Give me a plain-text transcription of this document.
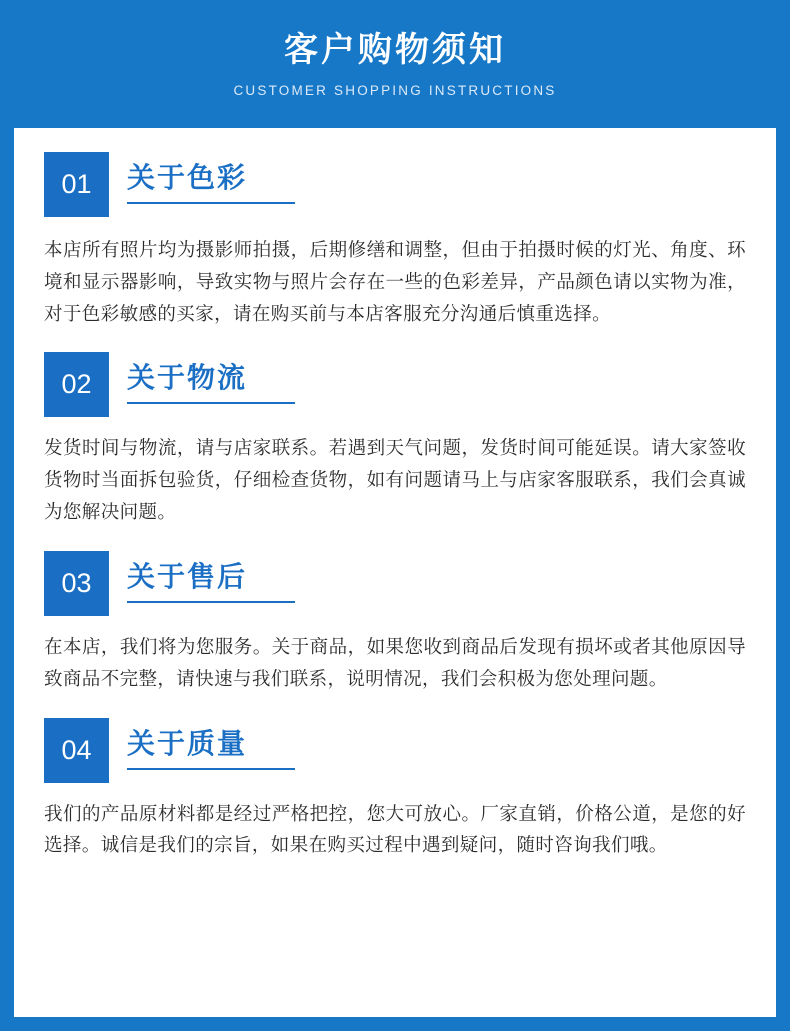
客户购物须知
CUSTOMER SHOPPING INSTRUCTIONS
01	关于色彩
本店所有照片均为摄影师拍摄，后期修缮和调整，但由于拍摄时候的灯光、角度、环境和显示器影响，导致实物与照片会存在一些的色彩差异，产品颜色请以实物为准，对于色彩敏感的买家，请在购买前与本店客服充分沟通后慎重选择。
02	关于物流
发货时间与物流，请与店家联系。若遇到天气问题，发货时间可能延误。请大家签收货物时当面拆包验货，仔细检查货物，如有问题请马上与店家客服联系，我们会真诚为您解决问题。
03	关于售后
在本店，我们将为您服务。关于商品，如果您收到商品后发现有损坏或者其他原因导致商品不完整，请快速与我们联系，说明情况，我们会积极为您处理问题。
04	关于质量
我们的产品原材料都是经过严格把控，您大可放心。厂家直销，价格公道，是您的好选择。诚信是我们的宗旨，如果在购买过程中遇到疑问，随时咨询我们哦。
